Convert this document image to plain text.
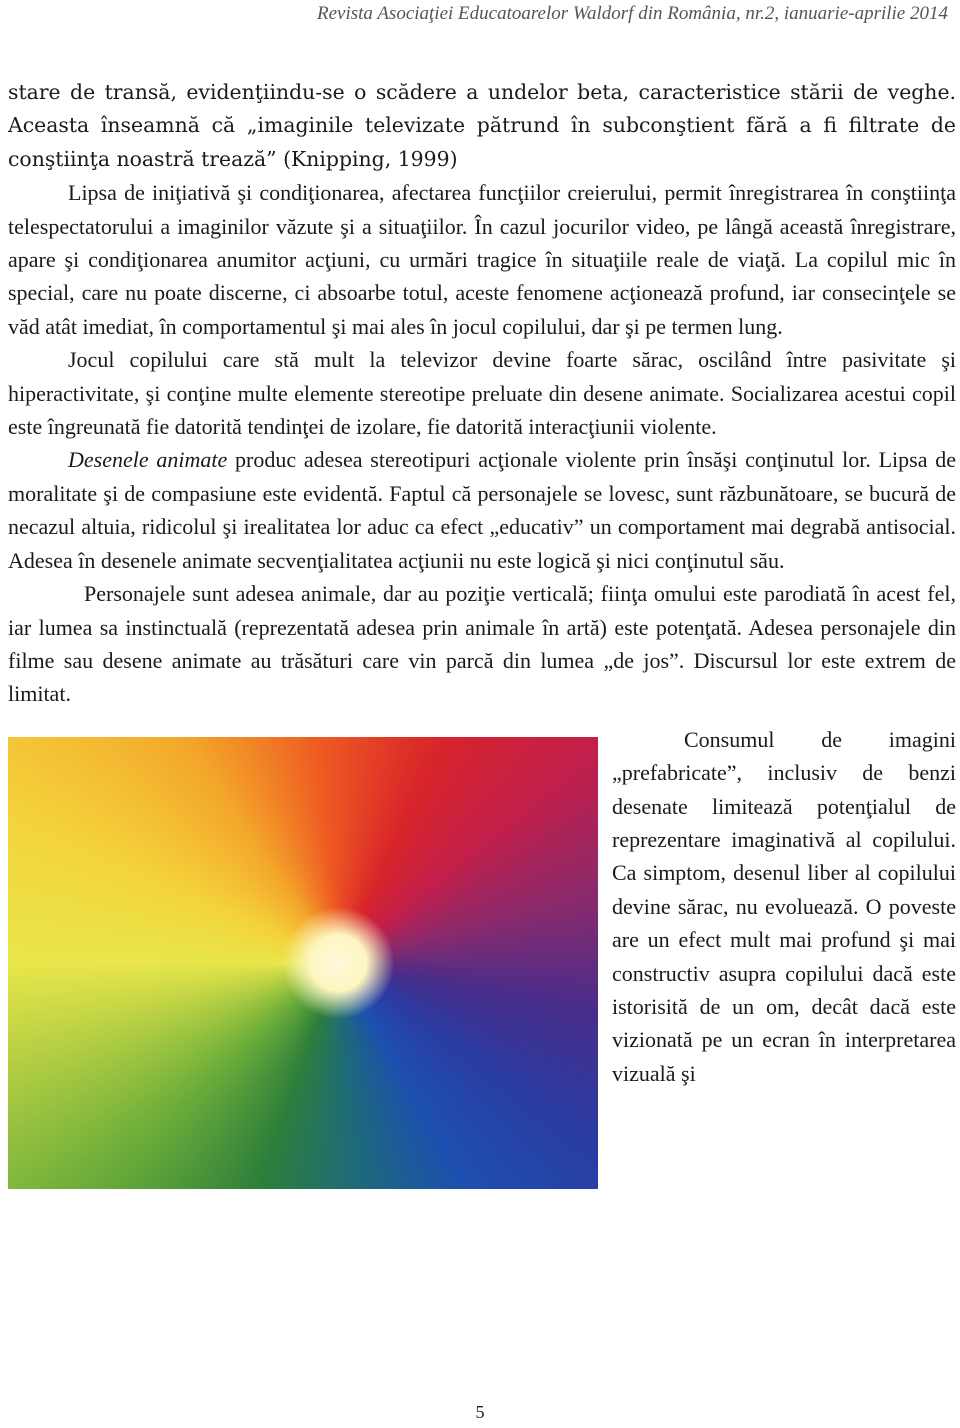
Revista Asociaţiei Educatoarelor Waldorf din România, nr.2, ianuarie-aprilie 2014

stare de transă, evidenţiindu-se o scădere a undelor beta, caracteristice stării de veghe. Aceasta înseamnă că „imaginile televizate pătrund în subconştient fără a fi filtrate de conştiinţa noastră trează” (Knipping, 1999)

Lipsa de iniţiativă şi condiţionarea, afectarea funcţiilor creierului, permit înregistrarea în conştiinţa telespectatorului a imaginilor văzute şi a situaţiilor. În cazul jocurilor video, pe lângă această înregistrare, apare şi condiţionarea anumitor acţiuni, cu urmări tragice în situaţiile reale de viaţă. La copilul mic în special, care nu poate discerne, ci absoarbe totul, aceste fenomene acţionează profund, iar consecinţele se văd atât imediat, în comportamentul şi mai ales în jocul copilului, dar şi pe termen lung.

Jocul copilului care stă mult la televizor devine foarte sărac, oscilând între pasivitate şi hiperactivitate, şi conţine multe elemente stereotipe preluate din desene animate. Socializarea acestui copil este îngreunată fie datorită tendinţei de izolare, fie datorită interacţiunii violente.

Desenele animate produc adesea stereotipuri acţionale violente prin însăşi conţinutul lor. Lipsa de moralitate şi de compasiune este evidentă. Faptul că personajele se lovesc, sunt răzbunătoare, se bucură de necazul altuia, ridicolul şi irealitatea lor aduc ca efect „educativ” un comportament mai degrabă antisocial. Adesea în desenele animate secvenţialitatea acţiunii nu este logică şi nici conţinutul său.

Personajele sunt adesea animale, dar au poziţie verticală; fiinţa omului este parodiată în acest fel, iar lumea sa instinctuală (reprezentată adesea prin animale în artă) este potenţată. Adesea personajele din filme sau desene animate au trăsături care vin parcă din lumea „de jos”. Discursul lor este extrem de limitat.

Consumul de imagini „prefabricate”, inclusiv de benzi desenate limitează potenţialul de reprezentare imaginativă al copilului. Ca simptom, desenul liber al copilului devine sărac, nu evoluează. O poveste are un efect mult mai profund şi mai constructiv asupra copilului dacă este istorisită de un om, decât dacă este vizionată pe un ecran în interpretarea vizuală şi

5
